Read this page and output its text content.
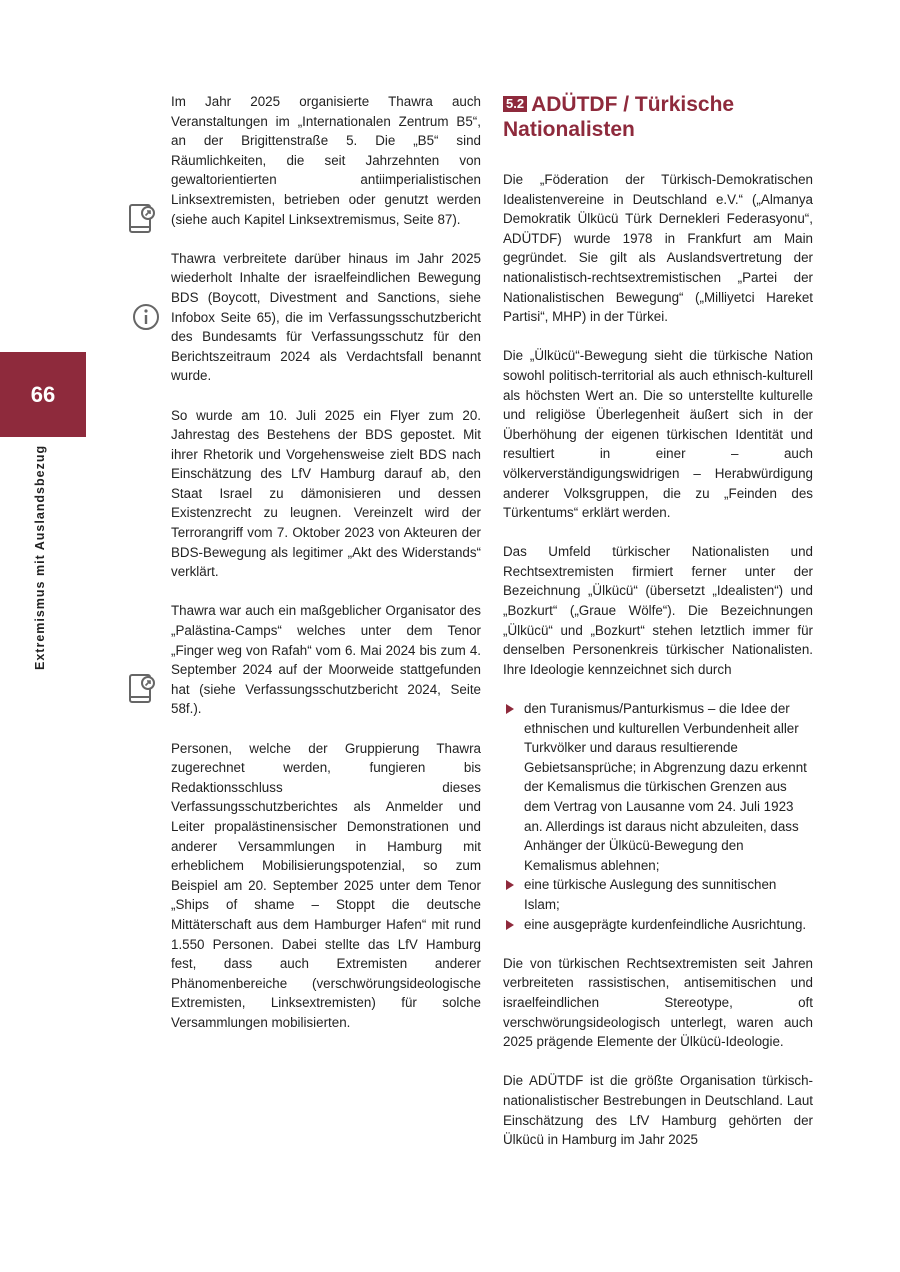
66
Extremismus mit Auslandsbezug

Im Jahr 2025 organisierte Thawra auch Veranstaltungen im „Internationalen Zentrum B5“, an der Brigittenstraße 5. Die „B5“ sind Räumlichkeiten, die seit Jahrzehnten von gewaltorientierten antiimperialistischen Linksextremisten, betrieben oder genutzt werden (siehe auch Kapitel Linksextremismus, Seite 87).

Thawra verbreitete darüber hinaus im Jahr 2025 wiederholt Inhalte der israelfeindlichen Bewegung BDS (Boycott, Divestment and Sanctions, siehe Infobox Seite 65), die im Verfassungsschutzbericht des Bundesamts für Verfassungsschutz für den Berichtszeitraum 2024 als Verdachtsfall benannt wurde.

So wurde am 10. Juli 2025 ein Flyer zum 20. Jahrestag des Bestehens der BDS gepostet. Mit ihrer Rhetorik und Vorgehensweise zielt BDS nach Einschätzung des LfV Hamburg darauf ab, den Staat Israel zu dämonisieren und dessen Existenzrecht zu leugnen. Vereinzelt wird der Terrorangriff vom 7. Oktober 2023 von Akteuren der BDS-Bewegung als legitimer „Akt des Widerstands“ verklärt.

Thawra war auch ein maßgeblicher Organisator des „Palästina-Camps“ welches unter dem Tenor „Finger weg von Rafah“ vom 6. Mai 2024 bis zum 4. September 2024 auf der Moorweide stattgefunden hat (siehe Verfassungsschutzbericht 2024, Seite 58f.).

Personen, welche der Gruppierung Thawra zugerechnet werden, fungieren bis Redaktionsschluss dieses Verfassungsschutzberichtes als Anmelder und Leiter propalästinensischer Demonstrationen und anderer Versammlungen in Hamburg mit erheblichem Mobilisierungspotenzial, so zum Beispiel am 20. September 2025 unter dem Tenor „Ships of shame – Stoppt die deutsche Mittäterschaft aus dem Hamburger Hafen“ mit rund 1.550 Personen. Dabei stellte das LfV Hamburg fest, dass auch Extremisten anderer Phänomenbereiche (verschwörungsideologische Extremisten, Linksextremisten) für solche Versammlungen mobilisierten.

5.2 ADÜTDF / Türkische Nationalisten

Die „Föderation der Türkisch-Demokratischen Idealistenvereine in Deutschland e.V.“ („Almanya Demokratik Ülkücü Türk Dernekleri Federasyonu“, ADÜTDF) wurde 1978 in Frankfurt am Main gegründet. Sie gilt als Auslandsvertretung der nationalistisch-rechtsextremistischen „Partei der Nationalistischen Bewegung“ („Milliyetci Hareket Partisi“, MHP) in der Türkei.

Die „Ülkücü“-Bewegung sieht die türkische Nation sowohl politisch-territorial als auch ethnisch-kulturell als höchsten Wert an. Die so unterstellte kulturelle und religiöse Überlegenheit äußert sich in der Überhöhung der eigenen türkischen Identität und resultiert in einer – auch völkerverständigungswidrigen – Herabwürdigung anderer Volksgruppen, die zu „Feinden des Türkentums“ erklärt werden.

Das Umfeld türkischer Nationalisten und Rechtsextremisten firmiert ferner unter der Bezeichnung „Ülkücü“ (übersetzt „Idealisten“) und „Bozkurt“ („Graue Wölfe“). Die Bezeichnungen „Ülkücü“ und „Bozkurt“ stehen letztlich immer für denselben Personenkreis türkischer Nationalisten. Ihre Ideologie kennzeichnet sich durch

den Turanismus/Panturkismus – die Idee der ethnischen und kulturellen Verbundenheit aller Turkvölker und daraus resultierende Gebietsansprüche; in Abgrenzung dazu erkennt der Kemalismus die türkischen Grenzen aus dem Vertrag von Lausanne vom 24. Juli 1923 an. Allerdings ist daraus nicht abzuleiten, dass Anhänger der Ülkücü-Bewegung den Kemalismus ablehnen;
eine türkische Auslegung des sunnitischen Islam;
eine ausgeprägte kurdenfeindliche Ausrichtung.

Die von türkischen Rechtsextremisten seit Jahren verbreiteten rassistischen, antisemitischen und israelfeindlichen Stereotype, oft verschwörungsideologisch unterlegt, waren auch 2025 prägende Elemente der Ülkücü-Ideologie.

Die ADÜTDF ist die größte Organisation türkisch-nationalistischer Bestrebungen in Deutschland. Laut Einschätzung des LfV Hamburg gehörten der Ülkücü in Hamburg im Jahr 2025
